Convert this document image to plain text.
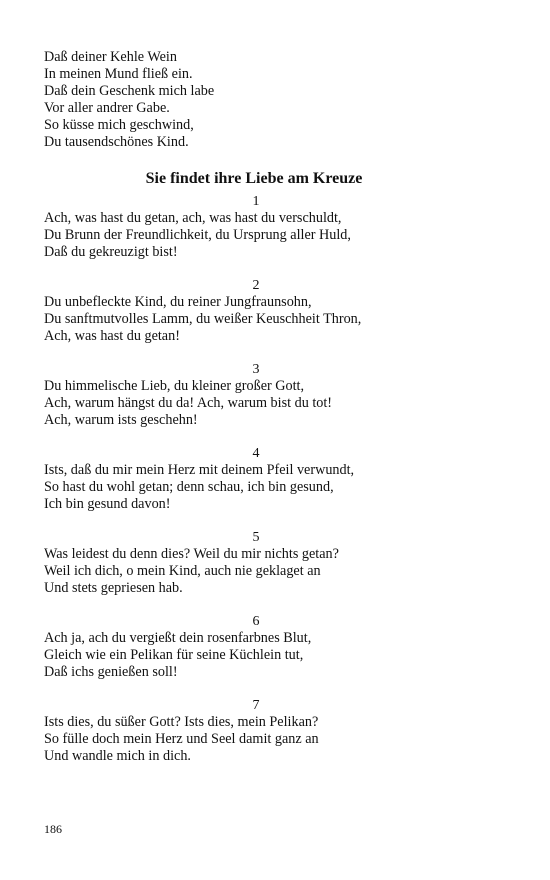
Daß deiner Kehle Wein
In meinen Mund fließ ein.
Daß dein Geschenk mich labe
Vor aller andrer Gabe.
So küsse mich geschwind,
Du tausendschönes Kind.
Sie findet ihre Liebe am Kreuze
1
Ach, was hast du getan, ach, was hast du verschuldt,
Du Brunn der Freundlichkeit, du Ursprung aller Huld,
Daß du gekreuzigt bist!
2
Du unbefleckte Kind, du reiner Jungfraunsohn,
Du sanftmutvolles Lamm, du weißer Keuschheit Thron,
Ach, was hast du getan!
3
Du himmelische Lieb, du kleiner großer Gott,
Ach, warum hängst du da! Ach, warum bist du tot!
Ach, warum ists geschehn!
4
Ists, daß du mir mein Herz mit deinem Pfeil verwundt,
So hast du wohl getan; denn schau, ich bin gesund,
Ich bin gesund davon!
5
Was leidest du denn dies? Weil du mir nichts getan?
Weil ich dich, o mein Kind, auch nie geklaget an
Und stets gepriesen hab.
6
Ach ja, ach du vergießt dein rosenfarbnes Blut,
Gleich wie ein Pelikan für seine Küchlein tut,
Daß ichs genießen soll!
7
Ists dies, du süßer Gott? Ists dies, mein Pelikan?
So fülle doch mein Herz und Seel damit ganz an
Und wandle mich in dich.
186
